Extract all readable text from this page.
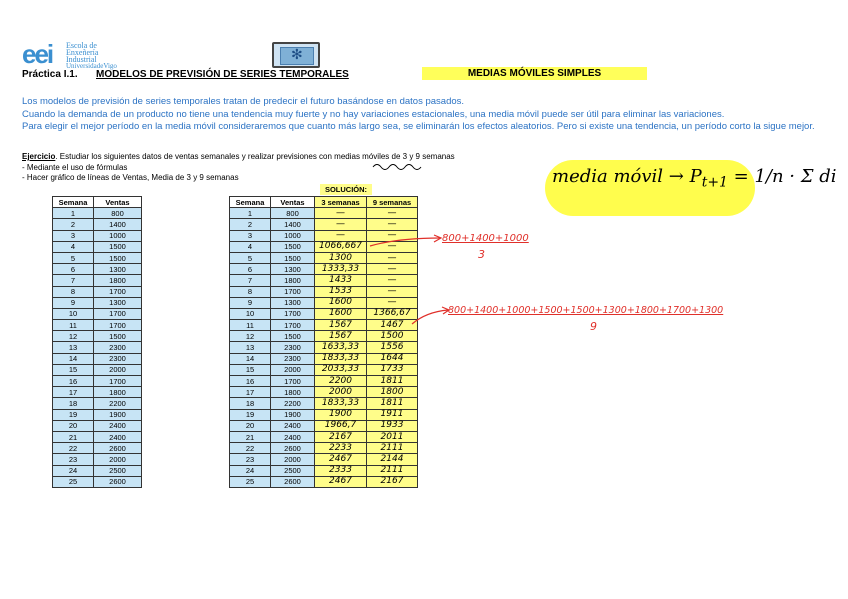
eei Escola de
Enxeñería
Industrial
UniversidadeVigo
✻
Práctica I.1. MODELOS DE PREVISIÓN DE SERIES TEMPORALES	MEDIAS MÓVILES SIMPLES
Los modelos de previsión de series temporales tratan de predecir el futuro basándose en datos pasados.
Cuando la demanda de un producto no tiene una tendencia muy fuerte y no hay variaciones estacionales, una media móvil puede ser útil para eliminar las variaciones.
Para elegir el mejor período en la media móvil consideraremos que cuanto más largo sea, se eliminarán los efectos aleatorios. Pero si existe una tendencia, un período corto la sigue mejor.
Ejercicio. Estudiar los siguientes datos de ventas semanales y realizar previsiones con medias móviles de 3 y 9 semanas
- Mediante el uso de fórmulas
- Hacer gráfico de líneas de Ventas, Media de 3 y 9 semanas
Semana	Ventas
1	800
2	1400
3	1000
4	1500
5	1500
6	1300
7	1800
8	1700
9	1300
10	1700
11	1700
12	1500
13	2300
14	2300
15	2000
16	1700
17	1800
18	2200
19	1900
20	2400
21	2400
22	2600
23	2000
24	2500
25	2600
SOLUCIÓN:
Semana	Ventas	3 semanas	9 semanas
1	800	—	—
2	1400	—	—
3	1000	—	—
4	1500	1066,667	—
5	1500	1300	—
6	1300	1333,33	—
7	1800	1433	—
8	1700	1533	—
9	1300	1600	—
10	1700	1600	1366,67
11	1700	1567	1467
12	1500	1567	1500
13	2300	1633,33	1556
14	2300	1833,33	1644
15	2000	2033,33	1733
16	1700	2200	1811
17	1800	2000	1800
18	2200	1833,33	1811
19	1900	1900	1911
20	2400	1966,7	1933
21	2400	2167	2011
22	2600	2233	2111
23	2000	2467	2144
24	2500	2333	2111
25	2600	2467	2167
media móvil → $P_{t+1} = 1/n \cdot \Sigma$ di
800+1400+1000
3
800+1400+1000+1500+1500+1300+1800+1700+1300
9
